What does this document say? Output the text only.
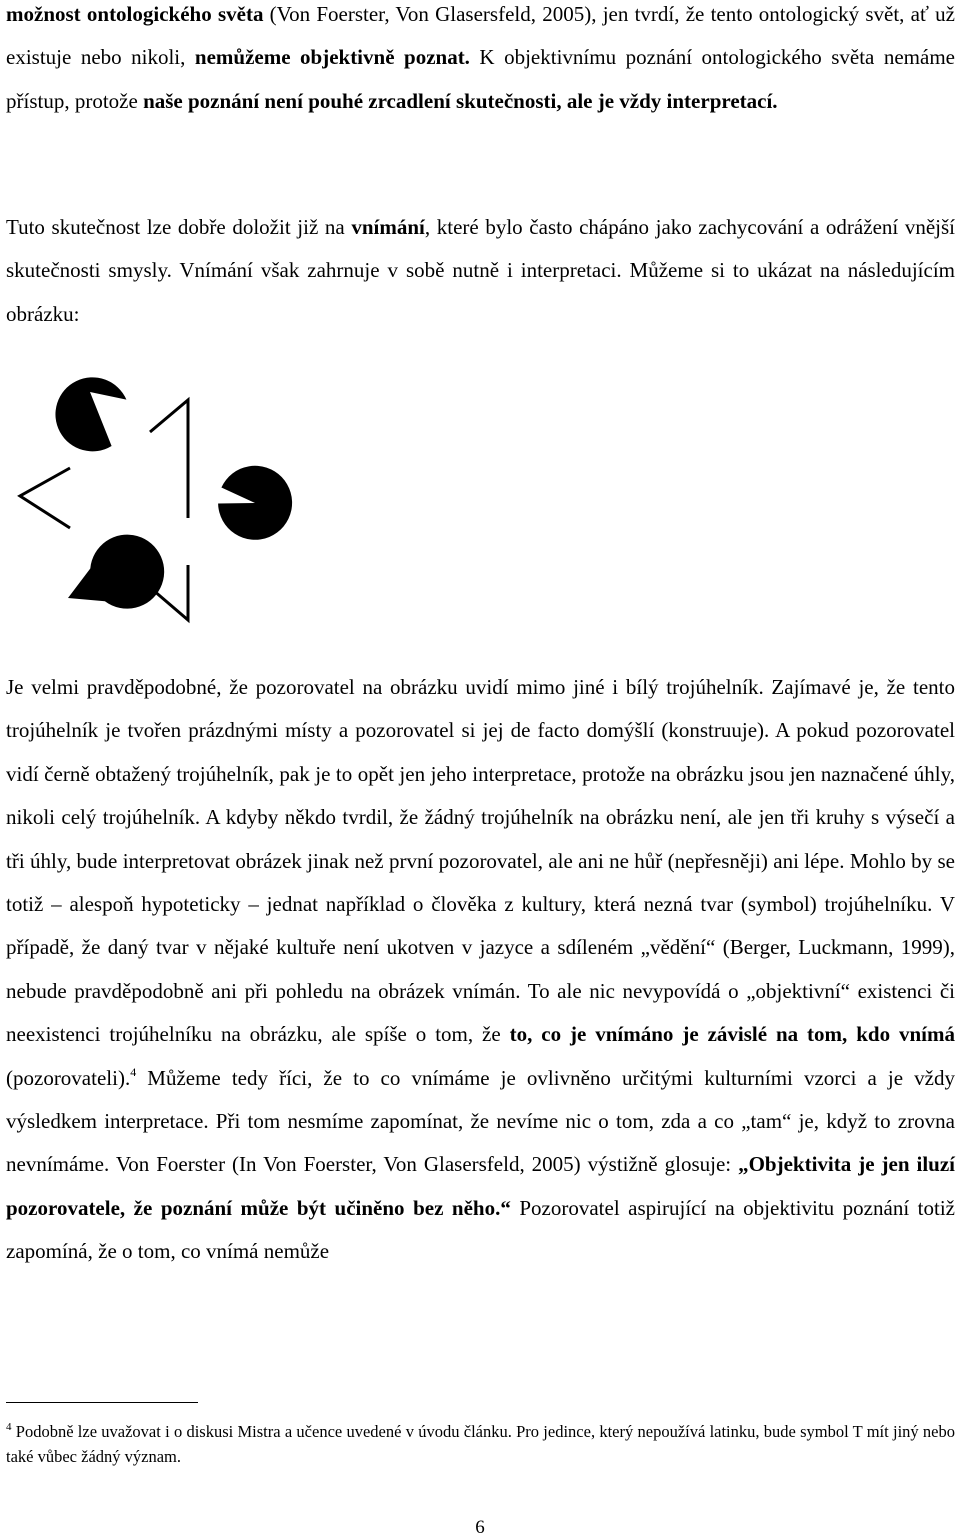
možnost ontologického světa (Von Foerster, Von Glasersfeld, 2005), jen tvrdí, že tento ontologický svět, ať už existuje nebo nikoli, nemůžeme objektivně poznat. K objektivnímu poznání ontologického světa nemáme přístup, protože naše poznání není pouhé zrcadlení skutečnosti, ale je vždy interpretací.

Tuto skutečnost lze dobře doložit již na vnímání, které bylo často chápáno jako zachycování a odrážení vnější skutečnosti smysly. Vnímání však zahrnuje v sobě nutně i interpretaci. Můžeme si to ukázat na následujícím obrázku:

Je velmi pravděpodobné, že pozorovatel na obrázku uvidí mimo jiné i bílý trojúhelník. Zajímavé je, že tento trojúhelník je tvořen prázdnými místy a pozorovatel si jej de facto domýšlí (konstruuje). A pokud pozorovatel vidí černě obtažený trojúhelník, pak je to opět jen jeho interpretace, protože na obrázku jsou jen naznačené úhly, nikoli celý trojúhelník. A kdyby někdo tvrdil, že žádný trojúhelník na obrázku není, ale jen tři kruhy s výsečí a tři úhly, bude interpretovat obrázek jinak než první pozorovatel, ale ani ne hůř (nepřesněji) ani lépe. Mohlo by se totiž – alespoň hypoteticky – jednat například o člověka z kultury, která nezná tvar (symbol) trojúhelníku. V případě, že daný tvar v nějaké kultuře není ukotven v jazyce a sdíleném „vědění“ (Berger, Luckmann, 1999), nebude pravděpodobně ani při pohledu na obrázek vnímán. To ale nic nevypovídá o „objektivní“ existenci či neexistenci trojúhelníku na obrázku, ale spíše o tom, že to, co je vnímáno je závislé na tom, kdo vnímá (pozorovateli).$^4$ Můžeme tedy říci, že to co vnímáme je ovlivněno určitými kulturními vzorci a je vždy výsledkem interpretace. Při tom nesmíme zapomínat, že nevíme nic o tom, zda a co „tam“ je, když to zrovna nevnímáme. Von Foerster (In Von Foerster, Von Glasersfeld, 2005) výstižně glosuje: „Objektivita je jen iluzí pozorovatele, že poznání může být učiněno bez něho.“ Pozorovatel aspirující na objektivitu poznání totiž zapomíná, že o tom, co vnímá nemůže

$^4$ Podobně lze uvažovat i o diskusi Mistra a učence uvedené v úvodu článku. Pro jedince, který nepoužívá latinku, bude symbol T mít jiný nebo také vůbec žádný význam.

6
